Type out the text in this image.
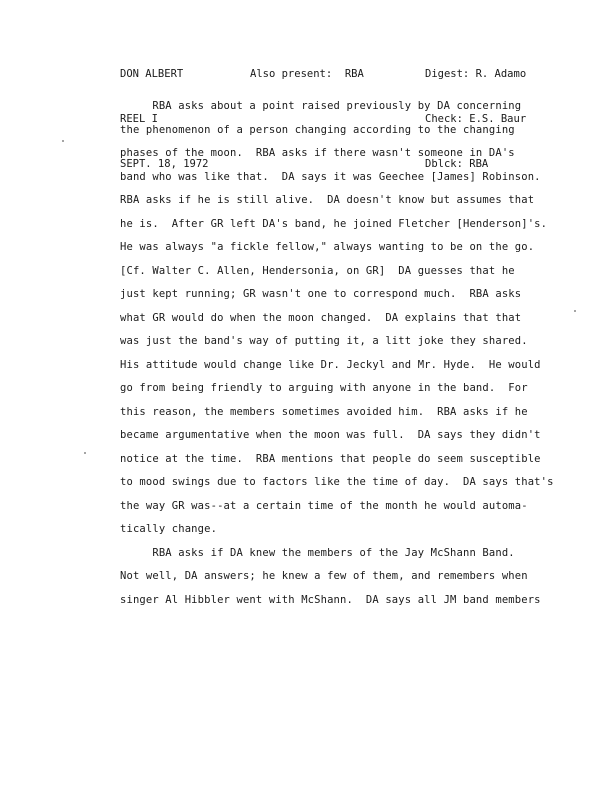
DON ALBERT

REEL I

SEPT. 18, 1972

Also present:  RBA

	Digest: R. Adamo

Check: E.S. Baur

Dblck: RBA

RBA asks about a point raised previously by DA concerning
the phenomenon of a person changing according to the changing
phases of the moon.  RBA asks if there wasn't someone in DA's
band who was like that.  DA says it was Geechee [James] Robinson.
RBA asks if he is still alive.  DA doesn't know but assumes that
he is.  After GR left DA's band, he joined Fletcher [Henderson]'s.
He was always "a fickle fellow," always wanting to be on the go.
[Cf. Walter C. Allen, Hendersonia, on GR]  DA guesses that he
just kept running; GR wasn't one to correspond much.  RBA asks
what GR would do when the moon changed.  DA explains that that
was just the band's way of putting it, a litt joke they shared.
His attitude would change like Dr. Jeckyl and Mr. Hyde.  He would
go from being friendly to arguing with anyone in the band.  For
this reason, the members sometimes avoided him.  RBA asks if he
became argumentative when the moon was full.  DA says they didn't
notice at the time.  RBA mentions that people do seem susceptible
to mood swings due to factors like the time of day.  DA says that's
the way GR was--at a certain time of the month he would automa-
tically change.
RBA asks if DA knew the members of the Jay McShann Band.
Not well, DA answers; he knew a few of them, and remembers when
singer Al Hibbler went with McShann.  DA says all JM band members
